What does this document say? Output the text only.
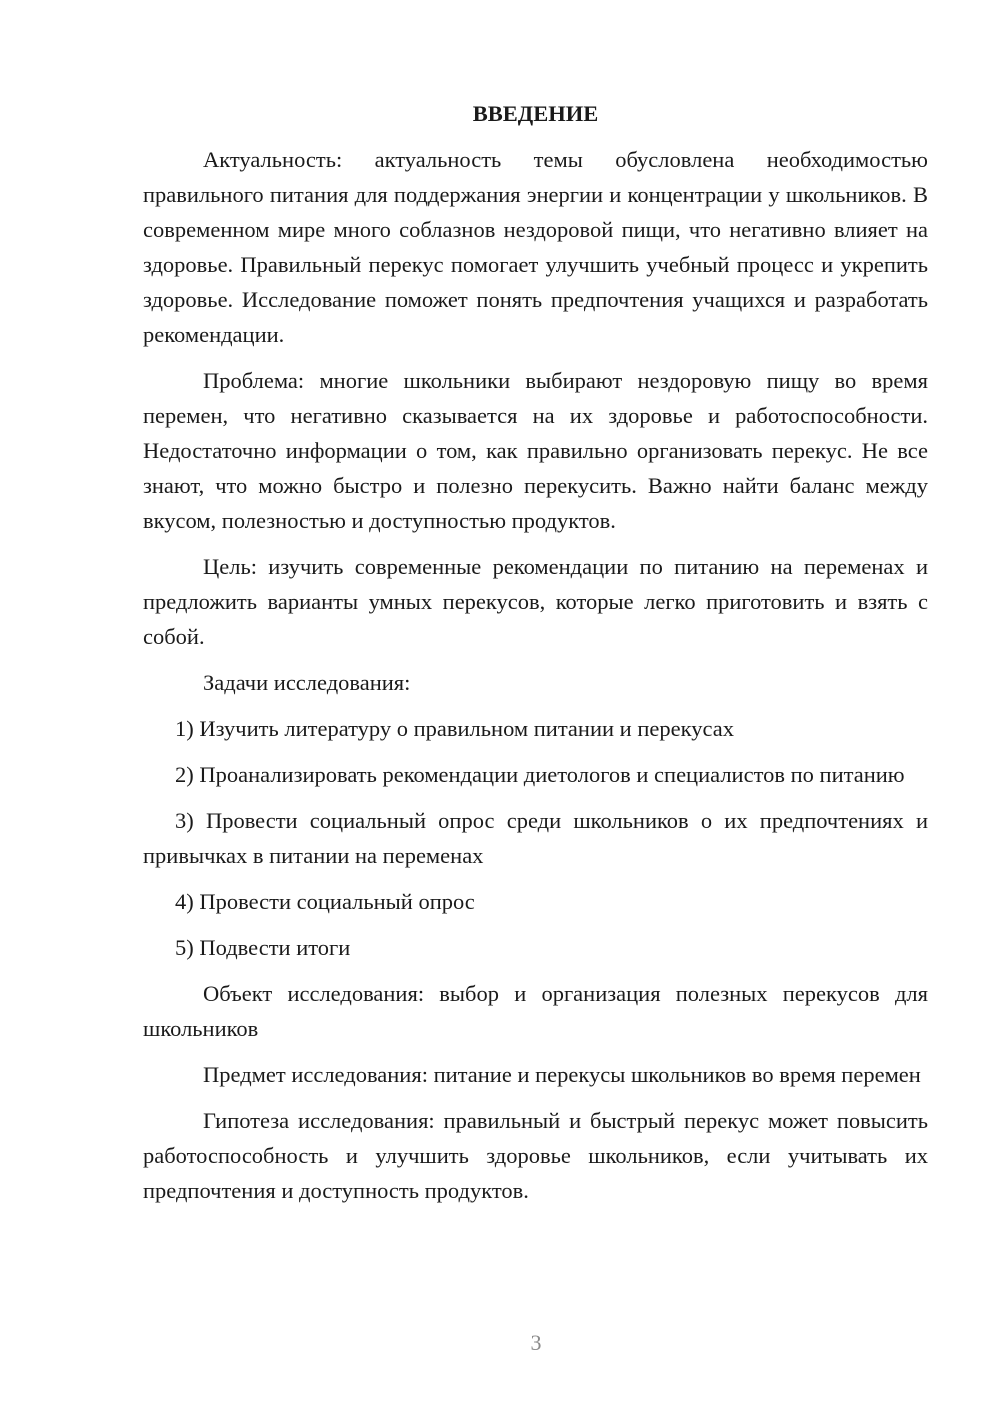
ВВЕДЕНИЕ

Актуальность: актуальность темы обусловлена необходимостью правильного питания для поддержания энергии и концентрации у школьников. В современном мире много соблазнов нездоровой пищи, что негативно влияет на здоровье. Правильный перекус помогает улучшить учебный процесс и укрепить здоровье. Исследование поможет понять предпочтения учащихся и разработать рекомендации.

Проблема: многие школьники выбирают нездоровую пищу во время перемен, что негативно сказывается на их здоровье и работоспособности. Недостаточно информации о том, как правильно организовать перекус. Не все знают, что можно быстро и полезно перекусить. Важно найти баланс между вкусом, полезностью и доступностью продуктов.

Цель: изучить современные рекомендации по питанию на переменах и предложить варианты умных перекусов, которые легко приготовить и взять с собой.

Задачи исследования:

1) Изучить литературу о правильном питании и перекусах

2) Проанализировать рекомендации диетологов и специалистов по питанию

3) Провести социальный опрос среди школьников о их предпочтениях и привычках в питании на переменах

4) Провести социальный опрос

5) Подвести итоги

Объект исследования: выбор и организация полезных перекусов для школьников

Предмет исследования: питание и перекусы школьников во время перемен

Гипотеза исследования: правильный и быстрый перекус может повысить работоспособность и улучшить здоровье школьников, если учитывать их предпочтения и доступность продуктов.

3
